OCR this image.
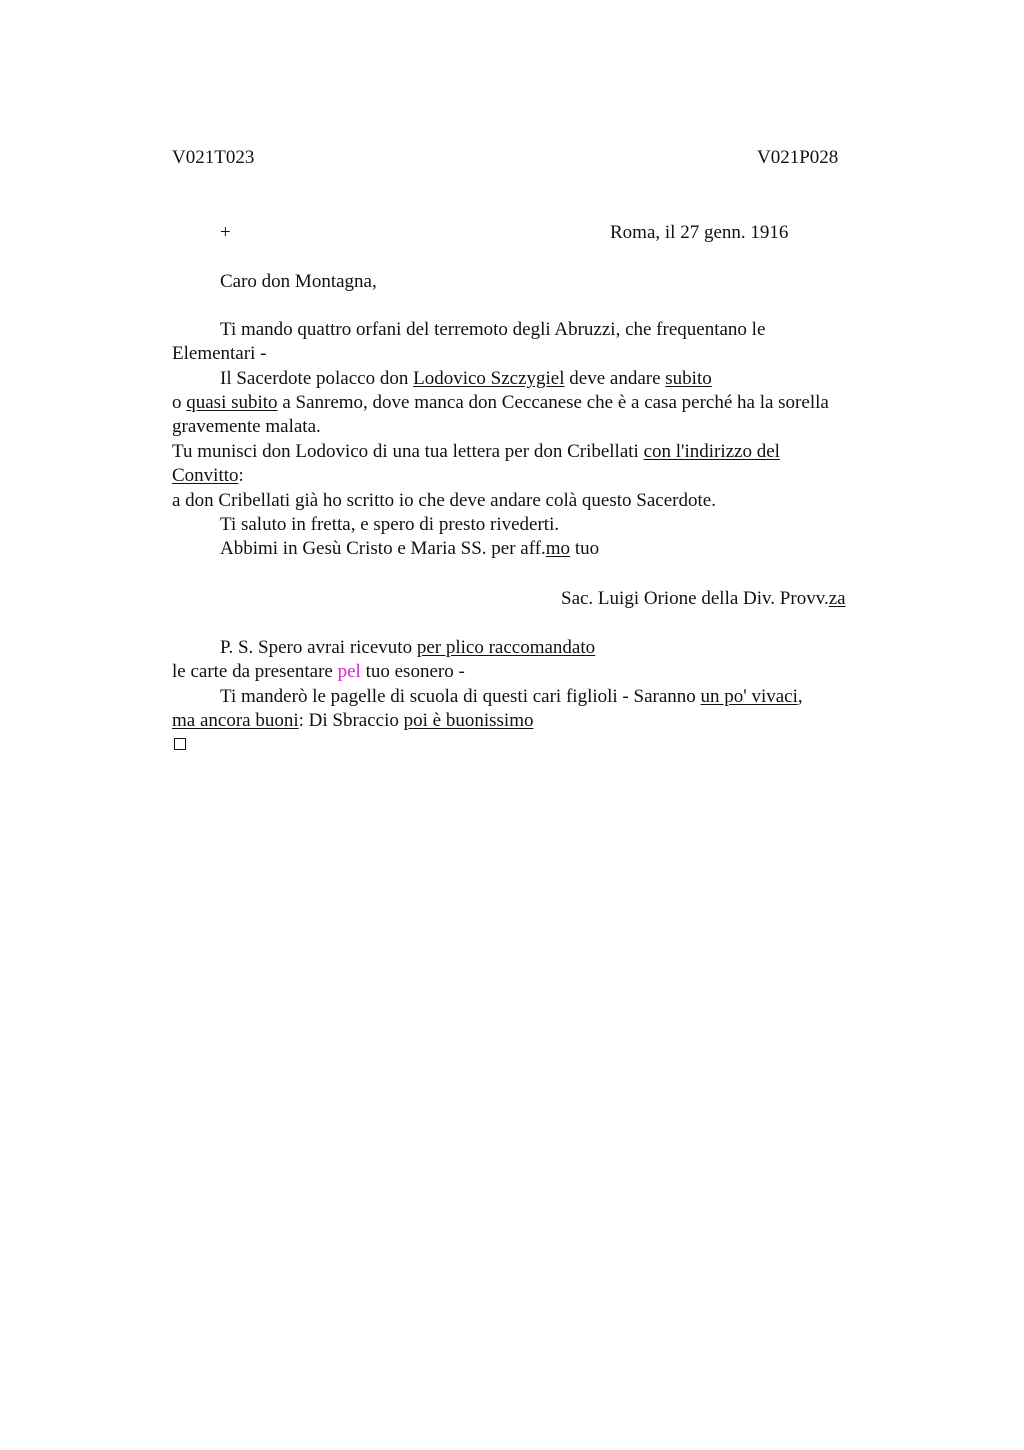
V021T023	V021P028
+	Roma, il 27 genn. 1916
Caro don Montagna,
Ti mando quattro orfani del terremoto degli Abruzzi, che frequentano le
Elementari -
Il Sacerdote polacco don Lodovico Szczygiel deve andare subito
o quasi subito a Sanremo, dove manca don Ceccanese che è a casa perché ha la sorella
gravemente malata.
Tu munisci don Lodovico di una tua lettera per don Cribellati con l'indirizzo del
Convitto:
a don Cribellati già ho scritto io che deve andare colà questo Sacerdote.
Ti saluto in fretta, e spero di presto rivederti.
Abbimi in Gesù Cristo e Maria SS. per aff.mo tuo
Sac. Luigi Orione della Div. Provv.za
P. S. Spero avrai ricevuto per plico raccomandato
le carte da presentare pel tuo esonero -
Ti manderò le pagelle di scuola di questi cari figlioli - Saranno un po' vivaci,
ma ancora buoni: Di Sbraccio poi è buonissimo
